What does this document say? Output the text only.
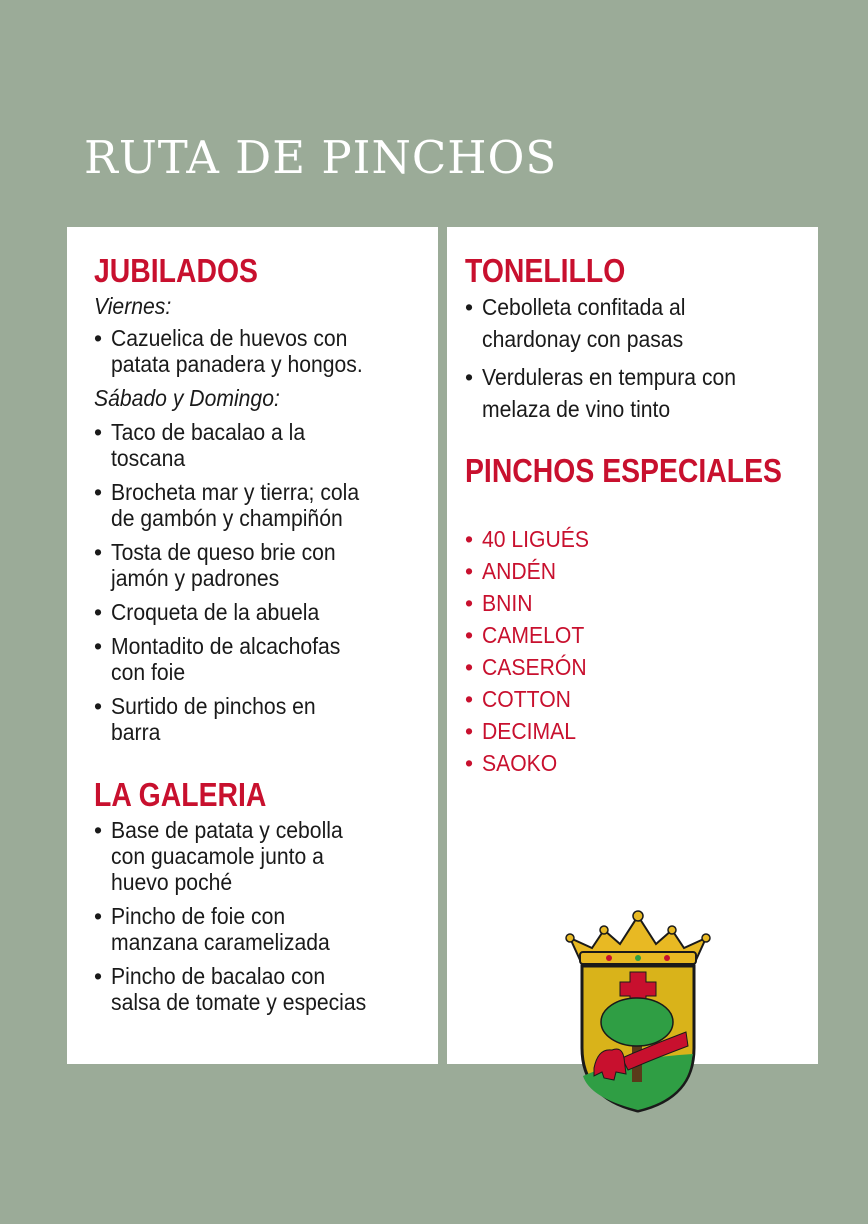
RUTA DE PINCHOS
JUBILADOS

Viernes:

• Cazuelica de huevos con
patata panadera y hongos.

Sábado y Domingo:

• Taco de bacalao a la
toscana
• Brocheta mar y tierra; cola
de gambón y champiñón
• Tosta de queso brie con
jamón y padrones
• Croqueta de la abuela
• Montadito de alcachofas
con foie
• Surtido de pinchos en
barra
LA GALERIA
• Base de patata y cebolla
con guacamole junto a
huevo poché
• Pincho de foie con
manzana caramelizada
• Pincho de bacalao con
salsa de tomate y especias
TONELILLO
• Cebolleta confitada al
chardonay con pasas
• Verduleras en tempura con
melaza de vino tinto
PINCHOS ESPECIALES
• 40 LIGUÉS
• ANDÉN
• BNIN
• CAMELOT
• CASERÓN
• COTTON
• DECIMAL
• SAOKO
